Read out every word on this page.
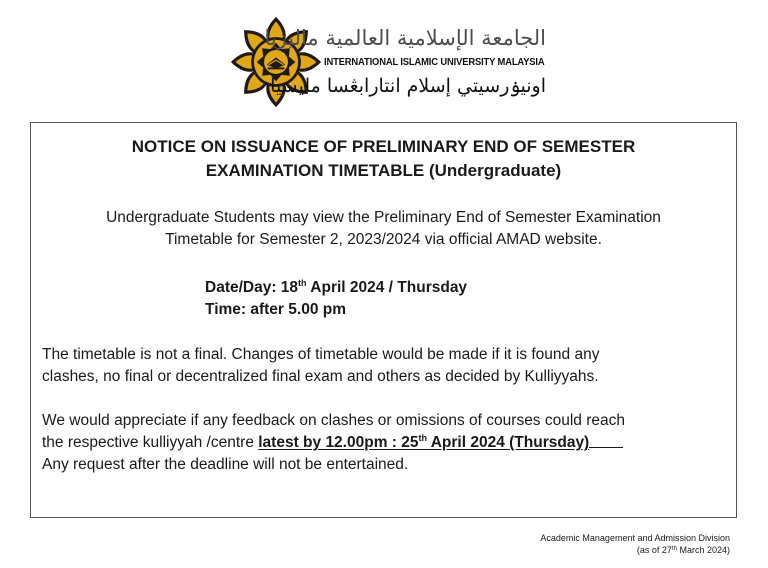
الجامعة الإسلامية العالمية ماليزيا
INTERNATIONAL ISLAMIC UNIVERSITY MALAYSIA
اونيۏرسيتي إسلام انتارابڠسا مليسيا
NOTICE ON ISSUANCE OF PRELIMINARY END OF SEMESTER
EXAMINATION TIMETABLE (Undergraduate)
Undergraduate Students may view the Preliminary End of Semester Examination
Timetable for Semester 2, 2023/2024 via official AMAD website.
Date/Day: 18th April 2024 / Thursday
Time: after 5.00 pm
The timetable is not a final. Changes of timetable would be made if it is found any
clashes, no final or decentralized final exam and others as decided by Kulliyyahs.
We would appreciate if any feedback on clashes or omissions of courses could reach
the respective kulliyyah /centre latest by 12.00pm : 25th April 2024 (Thursday)
Any request after the deadline will not be entertained.
Academic Management and Admission Division
(as of 27th March 2024)
